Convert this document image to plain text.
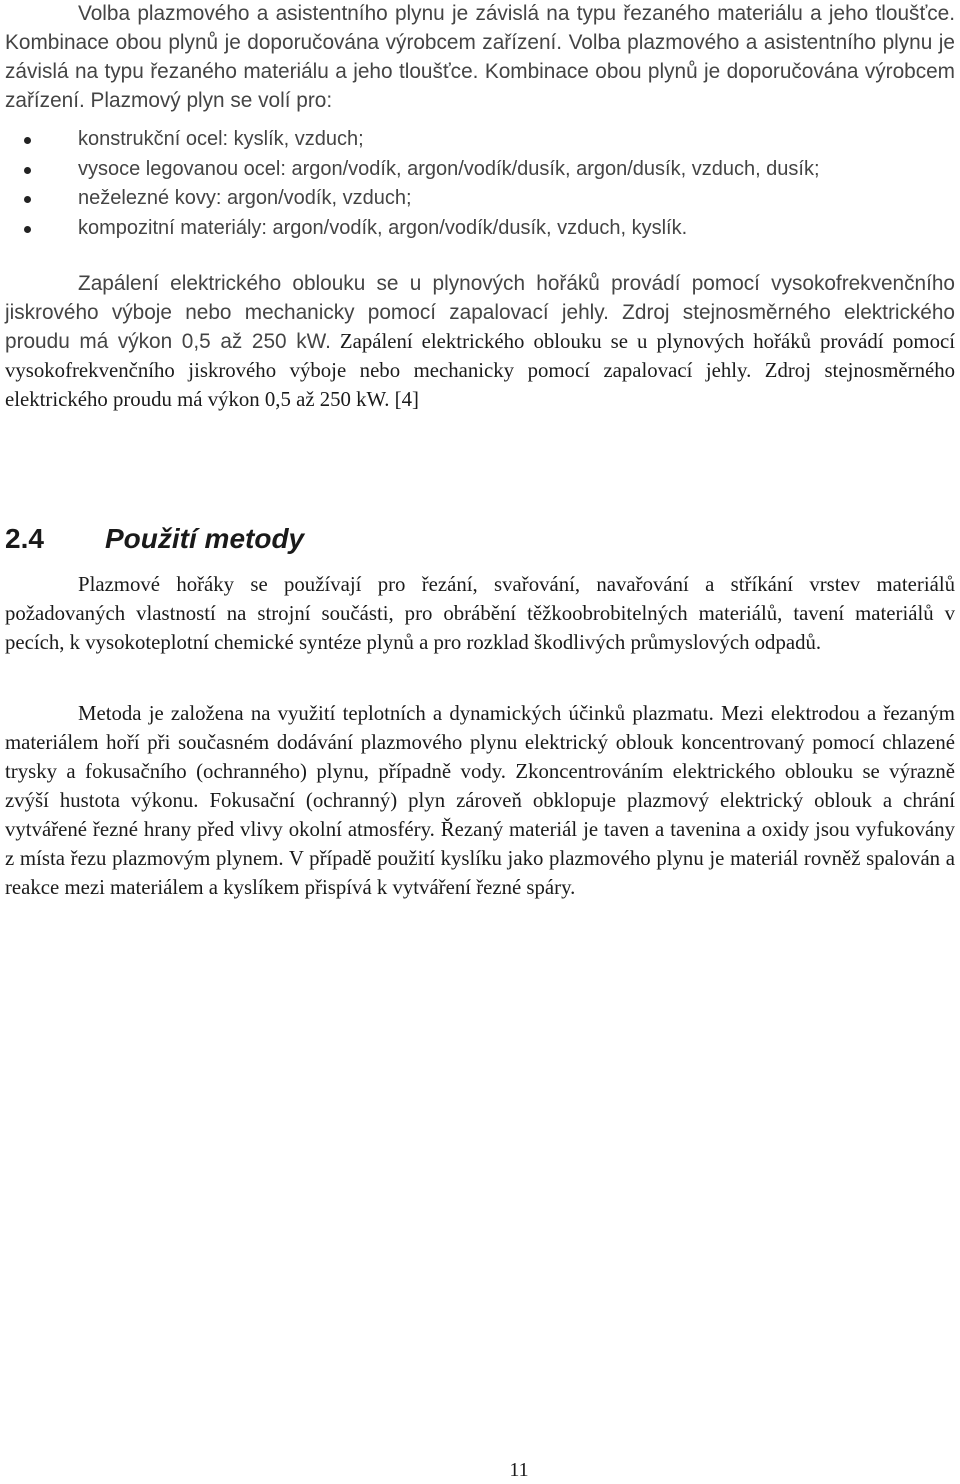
Volba plazmového a asistentního plynu je závislá na typu řezaného materiálu a jeho tloušťce. Kombinace obou plynů je doporučována výrobcem zařízení. Volba plazmového a asistentního plynu je závislá na typu řezaného materiálu a jeho tloušťce. Kombinace obou plynů je doporučována výrobcem zařízení. Plazmový plyn se volí pro:

konstrukční ocel: kyslík, vzduch;
vysoce legovanou ocel: argon/vodík, argon/vodík/dusík, argon/dusík, vzduch, dusík;
neželezné kovy: argon/vodík, vzduch;
kompozitní materiály: argon/vodík, argon/vodík/dusík, vzduch, kyslík.

Zapálení elektrického oblouku se u plynových hořáků provádí pomocí vysokofrekvenčního jiskrového výboje nebo mechanicky pomocí zapalovací jehly. Zdroj stejnosměrného elektrického proudu má výkon 0,5 až 250 kW. Zapálení elektrického oblouku se u plynových hořáků provádí pomocí vysokofrekvenčního jiskrového výboje nebo mechanicky pomocí zapalovací jehly. Zdroj stejnosměrného elektrického proudu má výkon 0,5 až 250 kW. [4]

2.4 Použití metody

Plazmové hořáky se používají pro řezání, svařování, navařování a stříkání vrstev materiálů požadovaných vlastností na strojní součásti, pro obrábění těžkoobrobitelných materiálů, tavení materiálů v pecích, k vysokoteplotní chemické syntéze plynů a pro rozklad škodlivých průmyslových odpadů.

Metoda je založena na využití teplotních a dynamických účinků plazmatu. Mezi elektrodou a řezaným materiálem hoří při současném dodávání plazmového plynu elektrický oblouk koncentrovaný pomocí chlazené trysky a fokusačního (ochranného) plynu, případně vody. Zkoncentrováním elektrického oblouku se výrazně zvýší hustota výkonu. Fokusační (ochranný) plyn zároveň obklopuje plazmový elektrický oblouk a chrání vytvářené řezné hrany před vlivy okolní atmosféry. Řezaný materiál je taven a tavenina a oxidy jsou vyfukovány z místa řezu plazmovým plynem. V případě použití kyslíku jako plazmového plynu je materiál rovněž spalován a reakce mezi materiálem a kyslíkem přispívá k vytváření řezné spáry.

11
